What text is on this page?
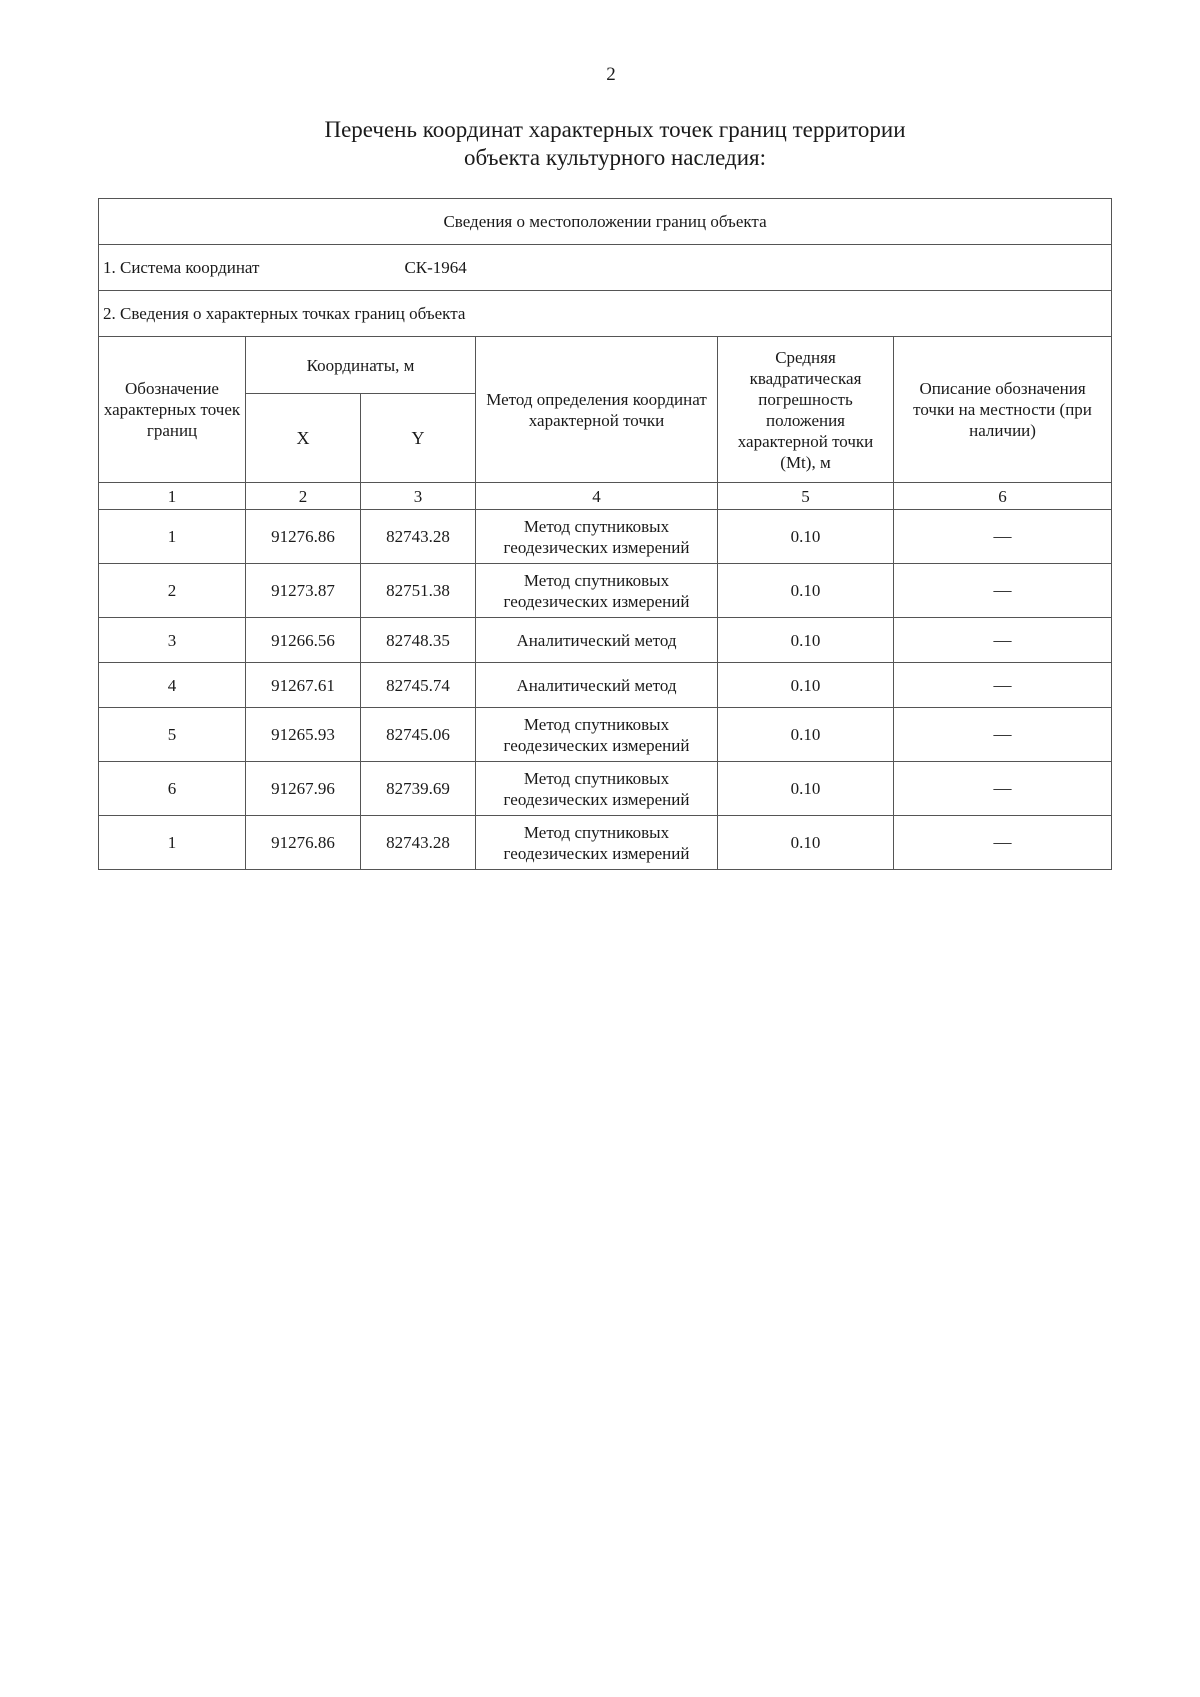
2
Перечень координат характерных точек границ территории
объекта культурного наследия:
Сведения о местоположении границ объекта					
1. Система координат СК-1964					
2. Сведения о характерных точках границ объекта					
Обозначение характерных точек границ	Координаты, м		Метод определения координат характерной точки	Средняя квадратическая погрешность положения характерной точки (Mt), м	Описание обозначения точки на местности (при наличии)
	X	Y			
1	2	3	4	5	6
1	91276.86	82743.28	Метод спутниковых геодезических измерений	0.10	—
2	91273.87	82751.38	Метод спутниковых геодезических измерений	0.10	—
3	91266.56	82748.35	Аналитический метод	0.10	—
4	91267.61	82745.74	Аналитический метод	0.10	—
5	91265.93	82745.06	Метод спутниковых геодезических измерений	0.10	—
6	91267.96	82739.69	Метод спутниковых геодезических измерений	0.10	—
1	91276.86	82743.28	Метод спутниковых геодезических измерений	0.10	—
